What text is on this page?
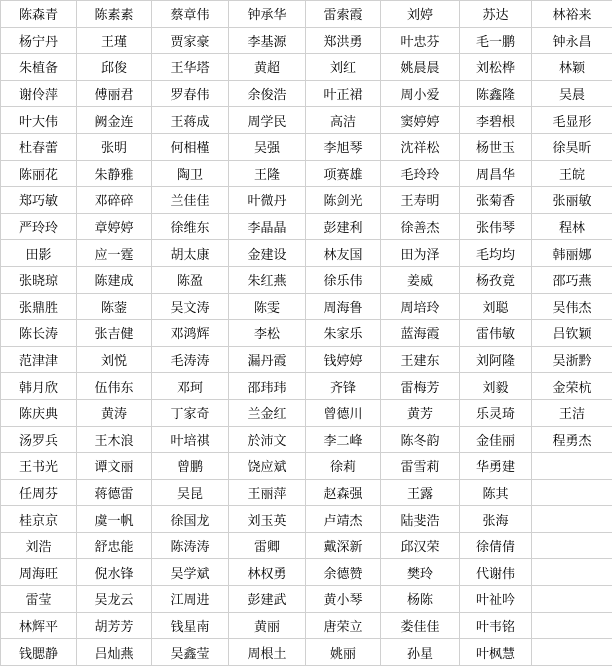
陈森青	陈素素	蔡章伟	钟承华	雷索霞	刘婷	苏达	林裕来
杨宁丹	王瑾	贾家豪	李基源	郑洪勇	叶忠芬	毛一鹏	钟永昌
朱植备	邱俊	王华塔	黄超	刘红	姚晨晨	刘松桦	林颖
谢伶萍	傅丽君	罗春伟	余俊浩	叶正裙	周小爱	陈鑫隆	吴晨
叶大伟	阙金连	王蒋成	周学民	高洁	窦婷婷	李碧根	毛显形
杜春蕾	张明	何相槿	吴强	李旭琴	沈祥松	杨世玉	徐昊昕
陈丽花	朱静雅	陶卫	王隆	项赛雄	毛玲玲	周昌华	王皖
郑巧敏	邓碎碎	兰佳佳	叶微丹	陈剑光	王寿明	张菊香	张丽敏
严玲玲	章婷婷	徐维东	李晶晶	彭建利	徐善杰	张伟琴	程林
田影	应一霆	胡太康	金建设	林友国	田为泽	毛均均	韩丽娜
张晓琼	陈建成	陈盈	朱红燕	徐乐伟	姜威	杨孜竟	邵巧燕
张鼎胜	陈蓥	吴文涛	陈雯	周海鲁	周培玲	刘聪	吴伟杰
陈长涛	张吉健	邓鸿辉	李松	朱家乐	蓝海霞	雷伟敏	吕钦颖
范津津	刘悦	毛涛涛	漏丹霞	钱婷婷	王建东	刘阿隆	吴浙黔
韩月欣	伍伟东	邓珂	邵玮玮	齐锋	雷梅芳	刘毅	金荣杭
陈庆典	黄涛	丁家奇	兰金红	曾德川	黄芳	乐灵琦	王洁
汤罗兵	王木浪	叶培祺	於沛文	李二峰	陈冬韵	金佳丽	程勇杰
王书光	谭文丽	曾鹏	饶应斌	徐莉	雷雪莉	华勇建	
任周芬	蒋德雷	吴昆	王丽萍	赵森强	王露	陈其	
桂京京	虞一帆	徐国龙	刘玉英	卢靖杰	陆斐浩	张海	
刘浩	舒忠能	陈涛涛	雷卿	戴深新	邱汉荣	徐倩倩	
周海旺	倪水锋	吴学斌	林权勇	余德赞	樊玲	代谢伟	
雷莹	吴龙云	江周进	彭建武	黄小琴	杨陈	叶祉吟	
林辉平	胡芳芳	钱星南	黄丽	唐荣立	娄佳佳	叶韦铭	
钱腮静	吕灿燕	吴鑫莹	周根土	姚丽	孙星	叶枫慧	
